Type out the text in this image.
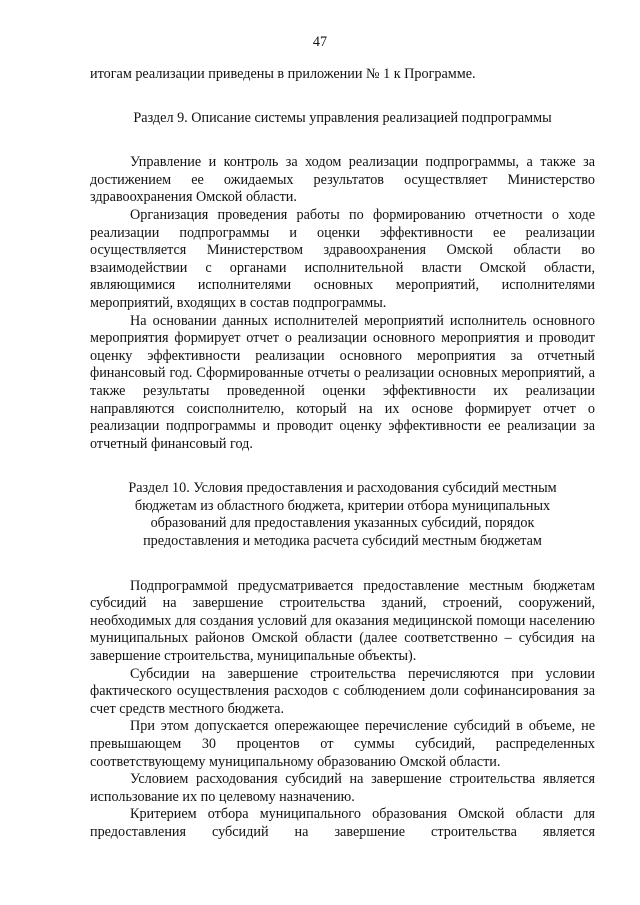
47

итогам реализации приведены в приложении № 1 к Программе.

Раздел 9. Описание системы управления реализацией подпрограммы

Управление и контроль за ходом реализации подпрограммы, а также за достижением ее ожидаемых результатов осуществляет Министерство здравоохранения Омской области.

Организация проведения работы по формированию отчетности о ходе реализации подпрограммы и оценки эффективности ее реализации осуществляется Министерством здравоохранения Омской области во взаимодействии с органами исполнительной власти Омской области, являющимися исполнителями основных мероприятий, исполнителями мероприятий, входящих в состав подпрограммы.

На основании данных исполнителей мероприятий исполнитель основного мероприятия формирует отчет о реализации основного мероприятия и проводит оценку эффективности реализации основного мероприятия за отчетный финансовый год. Сформированные отчеты о реализации основных мероприятий, а также результаты проведенной оценки эффективности их реализации направляются соисполнителю, который на их основе формирует отчет о реализации подпрограммы и проводит оценку эффективности ее реализации за отчетный финансовый год.

Раздел 10. Условия предоставления и расходования субсидий местным

бюджетам из областного бюджета, критерии отбора муниципальных

образований для предоставления указанных субсидий, порядок

предоставления и методика расчета субсидий местным бюджетам

Подпрограммой предусматривается предоставление местным бюджетам субсидий на завершение строительства зданий, строений, сооружений, необходимых для создания условий для оказания медицинской помощи населению муниципальных районов Омской области (далее соответственно – субсидия на завершение строительства, муниципальные объекты).

Субсидии на завершение строительства перечисляются при условии фактического осуществления расходов с соблюдением доли софинансирования за счет средств местного бюджета.

При этом допускается опережающее перечисление субсидий в объеме, не превышающем 30 процентов от суммы субсидий, распределенных соответствующему муниципальному образованию Омской области.

Условием расходования субсидий на завершение строительства является использование их по целевому назначению.

Критерием отбора муниципального образования Омской области для предоставления субсидий на завершение строительства является
